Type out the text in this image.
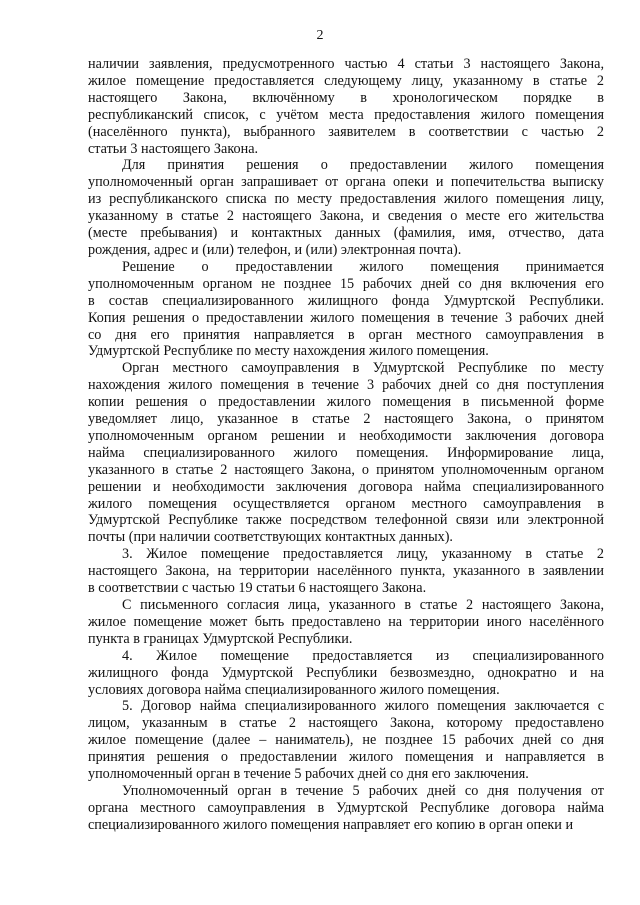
2
наличии заявления, предусмотренного частью 4 статьи 3 настоящего Закона,
жилое помещение предоставляется следующему лицу, указанному в статье 2
настоящего Закона, включённому в хронологическом порядке в
республиканский список, с учётом места предоставления жилого помещения
(населённого пункта), выбранного заявителем в соответствии с частью 2
статьи 3 настоящего Закона.
Для принятия решения о предоставлении жилого помещения
уполномоченный орган запрашивает от органа опеки и попечительства выписку
из республиканского списка по месту предоставления жилого помещения лицу,
указанному в статье 2 настоящего Закона, и сведения о месте его жительства
(месте пребывания) и контактных данных (фамилия, имя, отчество, дата
рождения, адрес и (или) телефон, и (или) электронная почта).
Решение о предоставлении жилого помещения принимается
уполномоченным органом не позднее 15 рабочих дней со дня включения его
в состав специализированного жилищного фонда Удмуртской Республики.
Копия решения о предоставлении жилого помещения в течение 3 рабочих дней
со дня его принятия направляется в орган местного самоуправления в
Удмуртской Республике по месту нахождения жилого помещения.
Орган местного самоуправления в Удмуртской Республике по месту
нахождения жилого помещения в течение 3 рабочих дней со дня поступления
копии решения о предоставлении жилого помещения в письменной форме
уведомляет лицо, указанное в статье 2 настоящего Закона, о принятом
уполномоченным органом решении и необходимости заключения договора
найма специализированного жилого помещения. Информирование лица,
указанного в статье 2 настоящего Закона, о принятом уполномоченным органом
решении и необходимости заключения договора найма специализированного
жилого помещения осуществляется органом местного самоуправления в
Удмуртской Республике также посредством телефонной связи или электронной
почты (при наличии соответствующих контактных данных).
3. Жилое помещение предоставляется лицу, указанному в статье 2
настоящего Закона, на территории населённого пункта, указанного в заявлении
в соответствии с частью 19 статьи 6 настоящего Закона.
С письменного согласия лица, указанного в статье 2 настоящего Закона,
жилое помещение может быть предоставлено на территории иного населённого
пункта в границах Удмуртской Республики.
4. Жилое помещение предоставляется из специализированного
жилищного фонда Удмуртской Республики безвозмездно, однократно и на
условиях договора найма специализированного жилого помещения.
5. Договор найма специализированного жилого помещения заключается с
лицом, указанным в статье 2 настоящего Закона, которому предоставлено
жилое помещение (далее – наниматель), не позднее 15 рабочих дней со дня
принятия решения о предоставлении жилого помещения и направляется в
уполномоченный орган в течение 5 рабочих дней со дня его заключения.
Уполномоченный орган в течение 5 рабочих дней со дня получения от
органа местного самоуправления в Удмуртской Республике договора найма
специализированного жилого помещения направляет его копию в орган опеки и
